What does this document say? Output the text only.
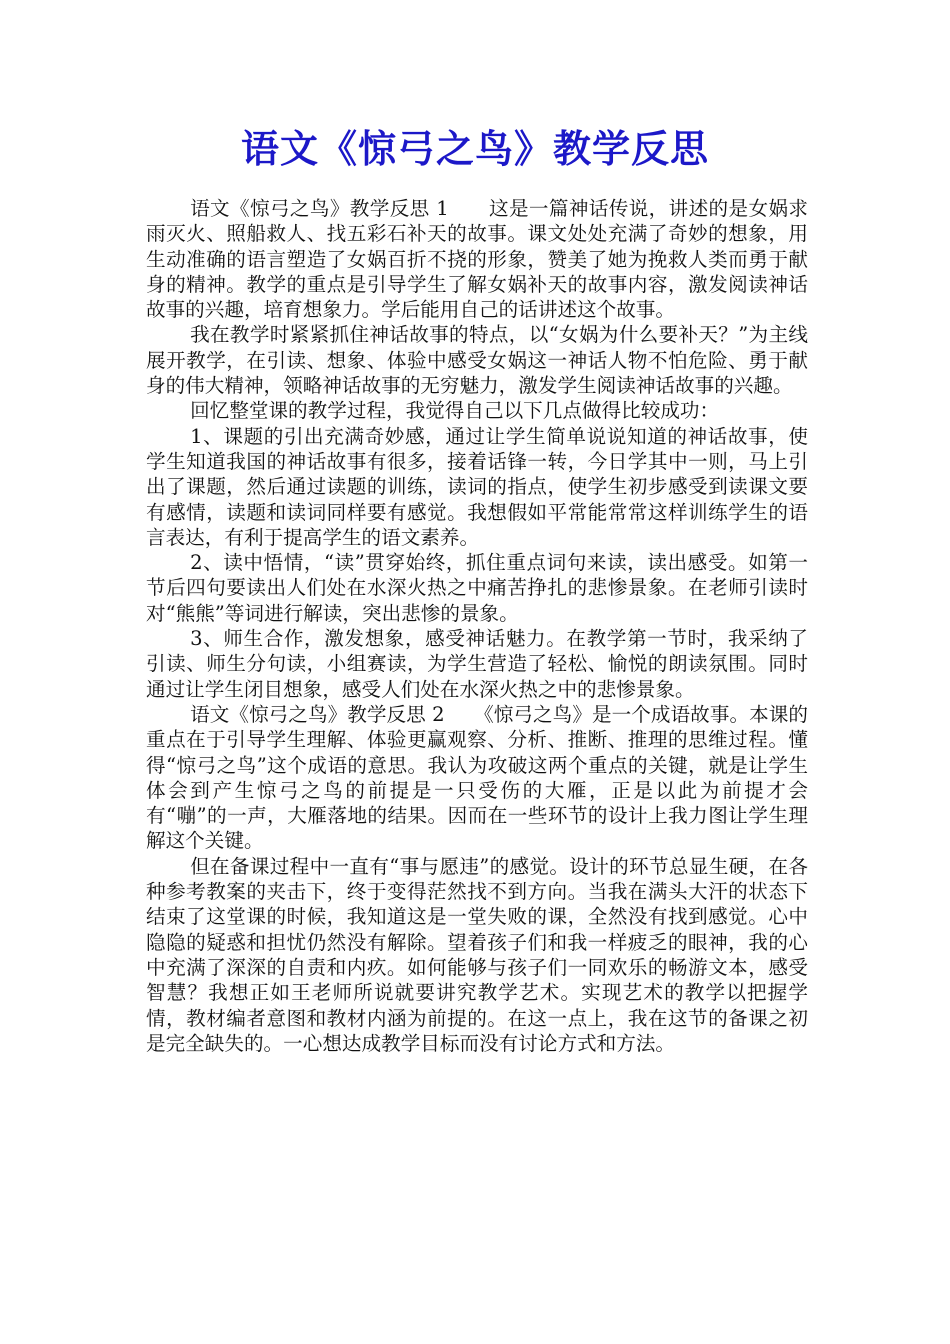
语文《惊弓之鸟》教学反思

语文《惊弓之鸟》教学反思 1　　这是一篇神话传说，讲述的是女娲求雨灭火、照船救人、找五彩石补天的故事。课文处处充满了奇妙的想象，用生动准确的语言塑造了女娲百折不挠的形象，赞美了她为挽救人类而勇于献身的精神。教学的重点是引导学生了解女娲补天的故事内容，激发阅读神话故事的兴趣，培育想象力。学后能用自己的话讲述这个故事。

我在教学时紧紧抓住神话故事的特点，以“女娲为什么要补天？”为主线展开教学，在引读、想象、体验中感受女娲这一神话人物不怕危险、勇于献身的伟大精神，领略神话故事的无穷魅力，激发学生阅读神话故事的兴趣。

回忆整堂课的教学过程，我觉得自己以下几点做得比较成功：

1、课题的引出充满奇妙感，通过让学生简单说说知道的神话故事，使学生知道我国的神话故事有很多，接着话锋一转，今日学其中一则，马上引出了课题，然后通过读题的训练，读词的指点，使学生初步感受到读课文要有感情，读题和读词同样要有感觉。我想假如平常能常常这样训练学生的语言表达，有利于提高学生的语文素养。

2、读中悟情，“读”贯穿始终，抓住重点词句来读，读出感受。如第一节后四句要读出人们处在水深火热之中痛苦挣扎的悲惨景象。在老师引读时对“熊熊”等词进行解读，突出悲惨的景象。

3、师生合作，激发想象，感受神话魅力。在教学第一节时，我采纳了引读、师生分句读，小组赛读，为学生营造了轻松、愉悦的朗读氛围。同时通过让学生闭目想象，感受人们处在水深火热之中的悲惨景象。

语文《惊弓之鸟》教学反思 2　　《惊弓之鸟》是一个成语故事。本课的重点在于引导学生理解、体验更赢观察、分析、推断、推理的思维过程。懂得“惊弓之鸟”这个成语的意思。我认为攻破这两个重点的关键，就是让学生体会到产生惊弓之鸟的前提是一只受伤的大雁，正是以此为前提才会有“嘣”的一声，大雁落地的结果。因而在一些环节的设计上我力图让学生理解这个关键。

但在备课过程中一直有“事与愿违”的感觉。设计的环节总显生硬，在各种参考教案的夹击下，终于变得茫然找不到方向。当我在满头大汗的状态下结束了这堂课的时候，我知道这是一堂失败的课，全然没有找到感觉。心中隐隐的疑惑和担忧仍然没有解除。望着孩子们和我一样疲乏的眼神，我的心中充满了深深的自责和内疚。如何能够与孩子们一同欢乐的畅游文本，感受智慧？我想正如王老师所说就要讲究教学艺术。实现艺术的教学以把握学情，教材编者意图和教材内涵为前提的。在这一点上，我在这节的备课之初是完全缺失的。一心想达成教学目标而没有讨论方式和方法。
